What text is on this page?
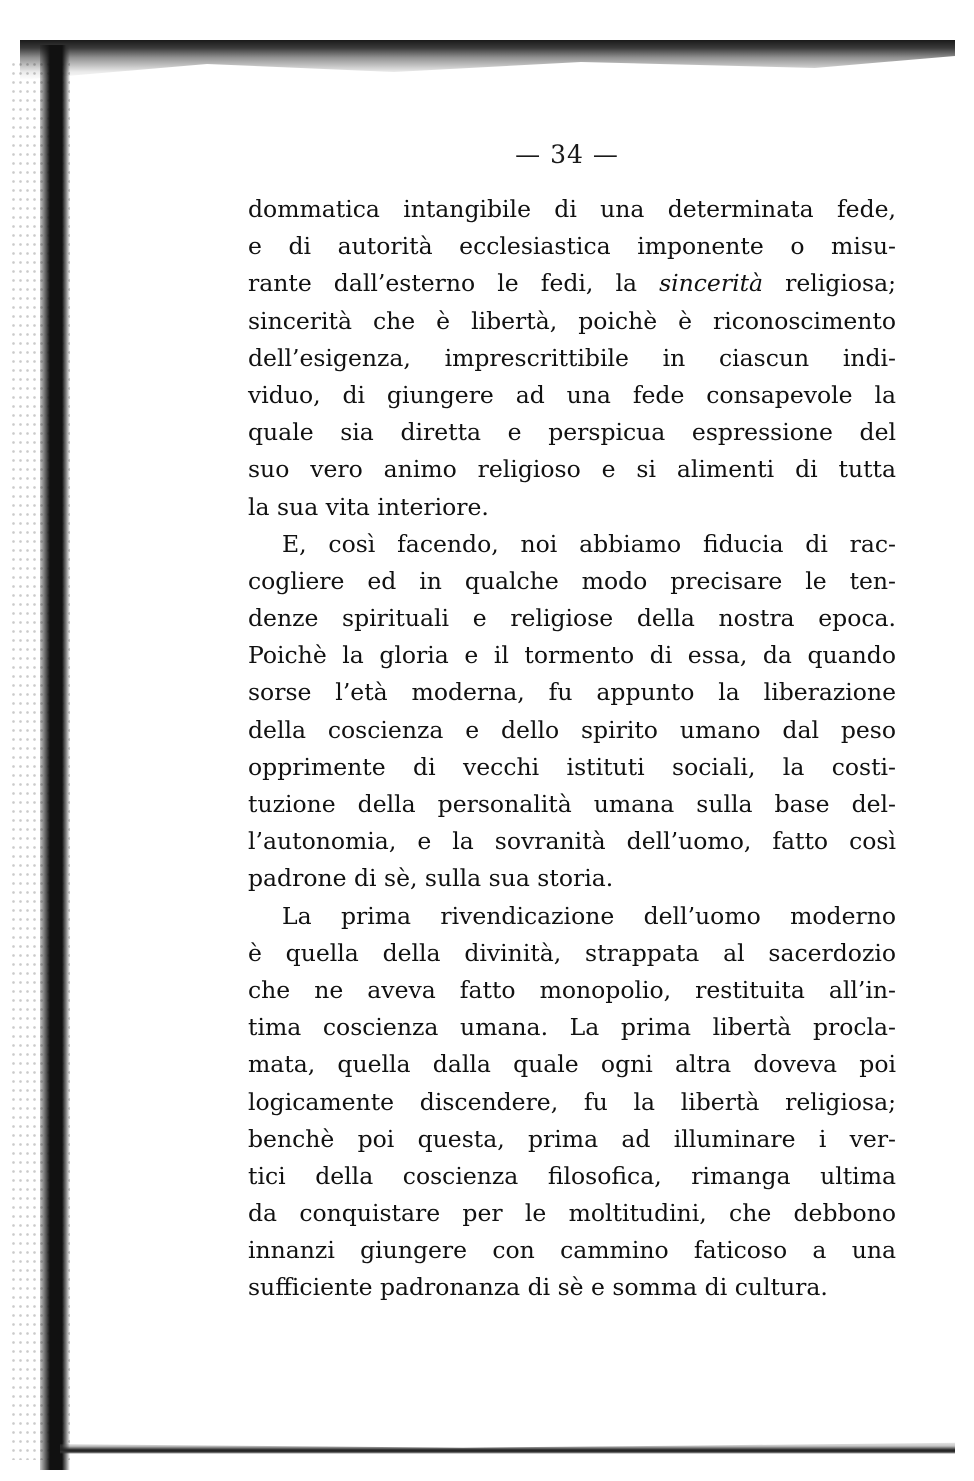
— 34 —
dommatica intangibile di una determinata fede,
e di autorità ecclesiastica imponente o misu-
rante dall’esterno le fedi, la sincerità religiosa;
sincerità che è libertà, poichè è riconoscimento
dell’esigenza, imprescrittibile in ciascun indi-
viduo, di giungere ad una fede consapevole la
quale sia diretta e perspicua espressione del
suo vero animo religioso e si alimenti di tutta
la sua vita interiore.
E, così facendo, noi abbiamo fiducia di rac-
cogliere ed in qualche modo precisare le ten-
denze spirituali e religiose della nostra epoca.
Poichè la gloria e il tormento di essa, da quando
sorse l’età moderna, fu appunto la liberazione
della coscienza e dello spirito umano dal peso
opprimente di vecchi istituti sociali, la costi-
tuzione della personalità umana sulla base del-
l’autonomia, e la sovranità dell’uomo, fatto così
padrone di sè, sulla sua storia.
La prima rivendicazione dell’uomo moderno
è quella della divinità, strappata al sacerdozio
che ne aveva fatto monopolio, restituita all’in-
tima coscienza umana. La prima libertà procla-
mata, quella dalla quale ogni altra doveva poi
logicamente discendere, fu la libertà religiosa;
benchè poi questa, prima ad illuminare i ver-
tici della coscienza filosofica, rimanga ultima
da conquistare per le moltitudini, che debbono
innanzi giungere con cammino faticoso a una
sufficiente padronanza di sè e somma di cultura.
